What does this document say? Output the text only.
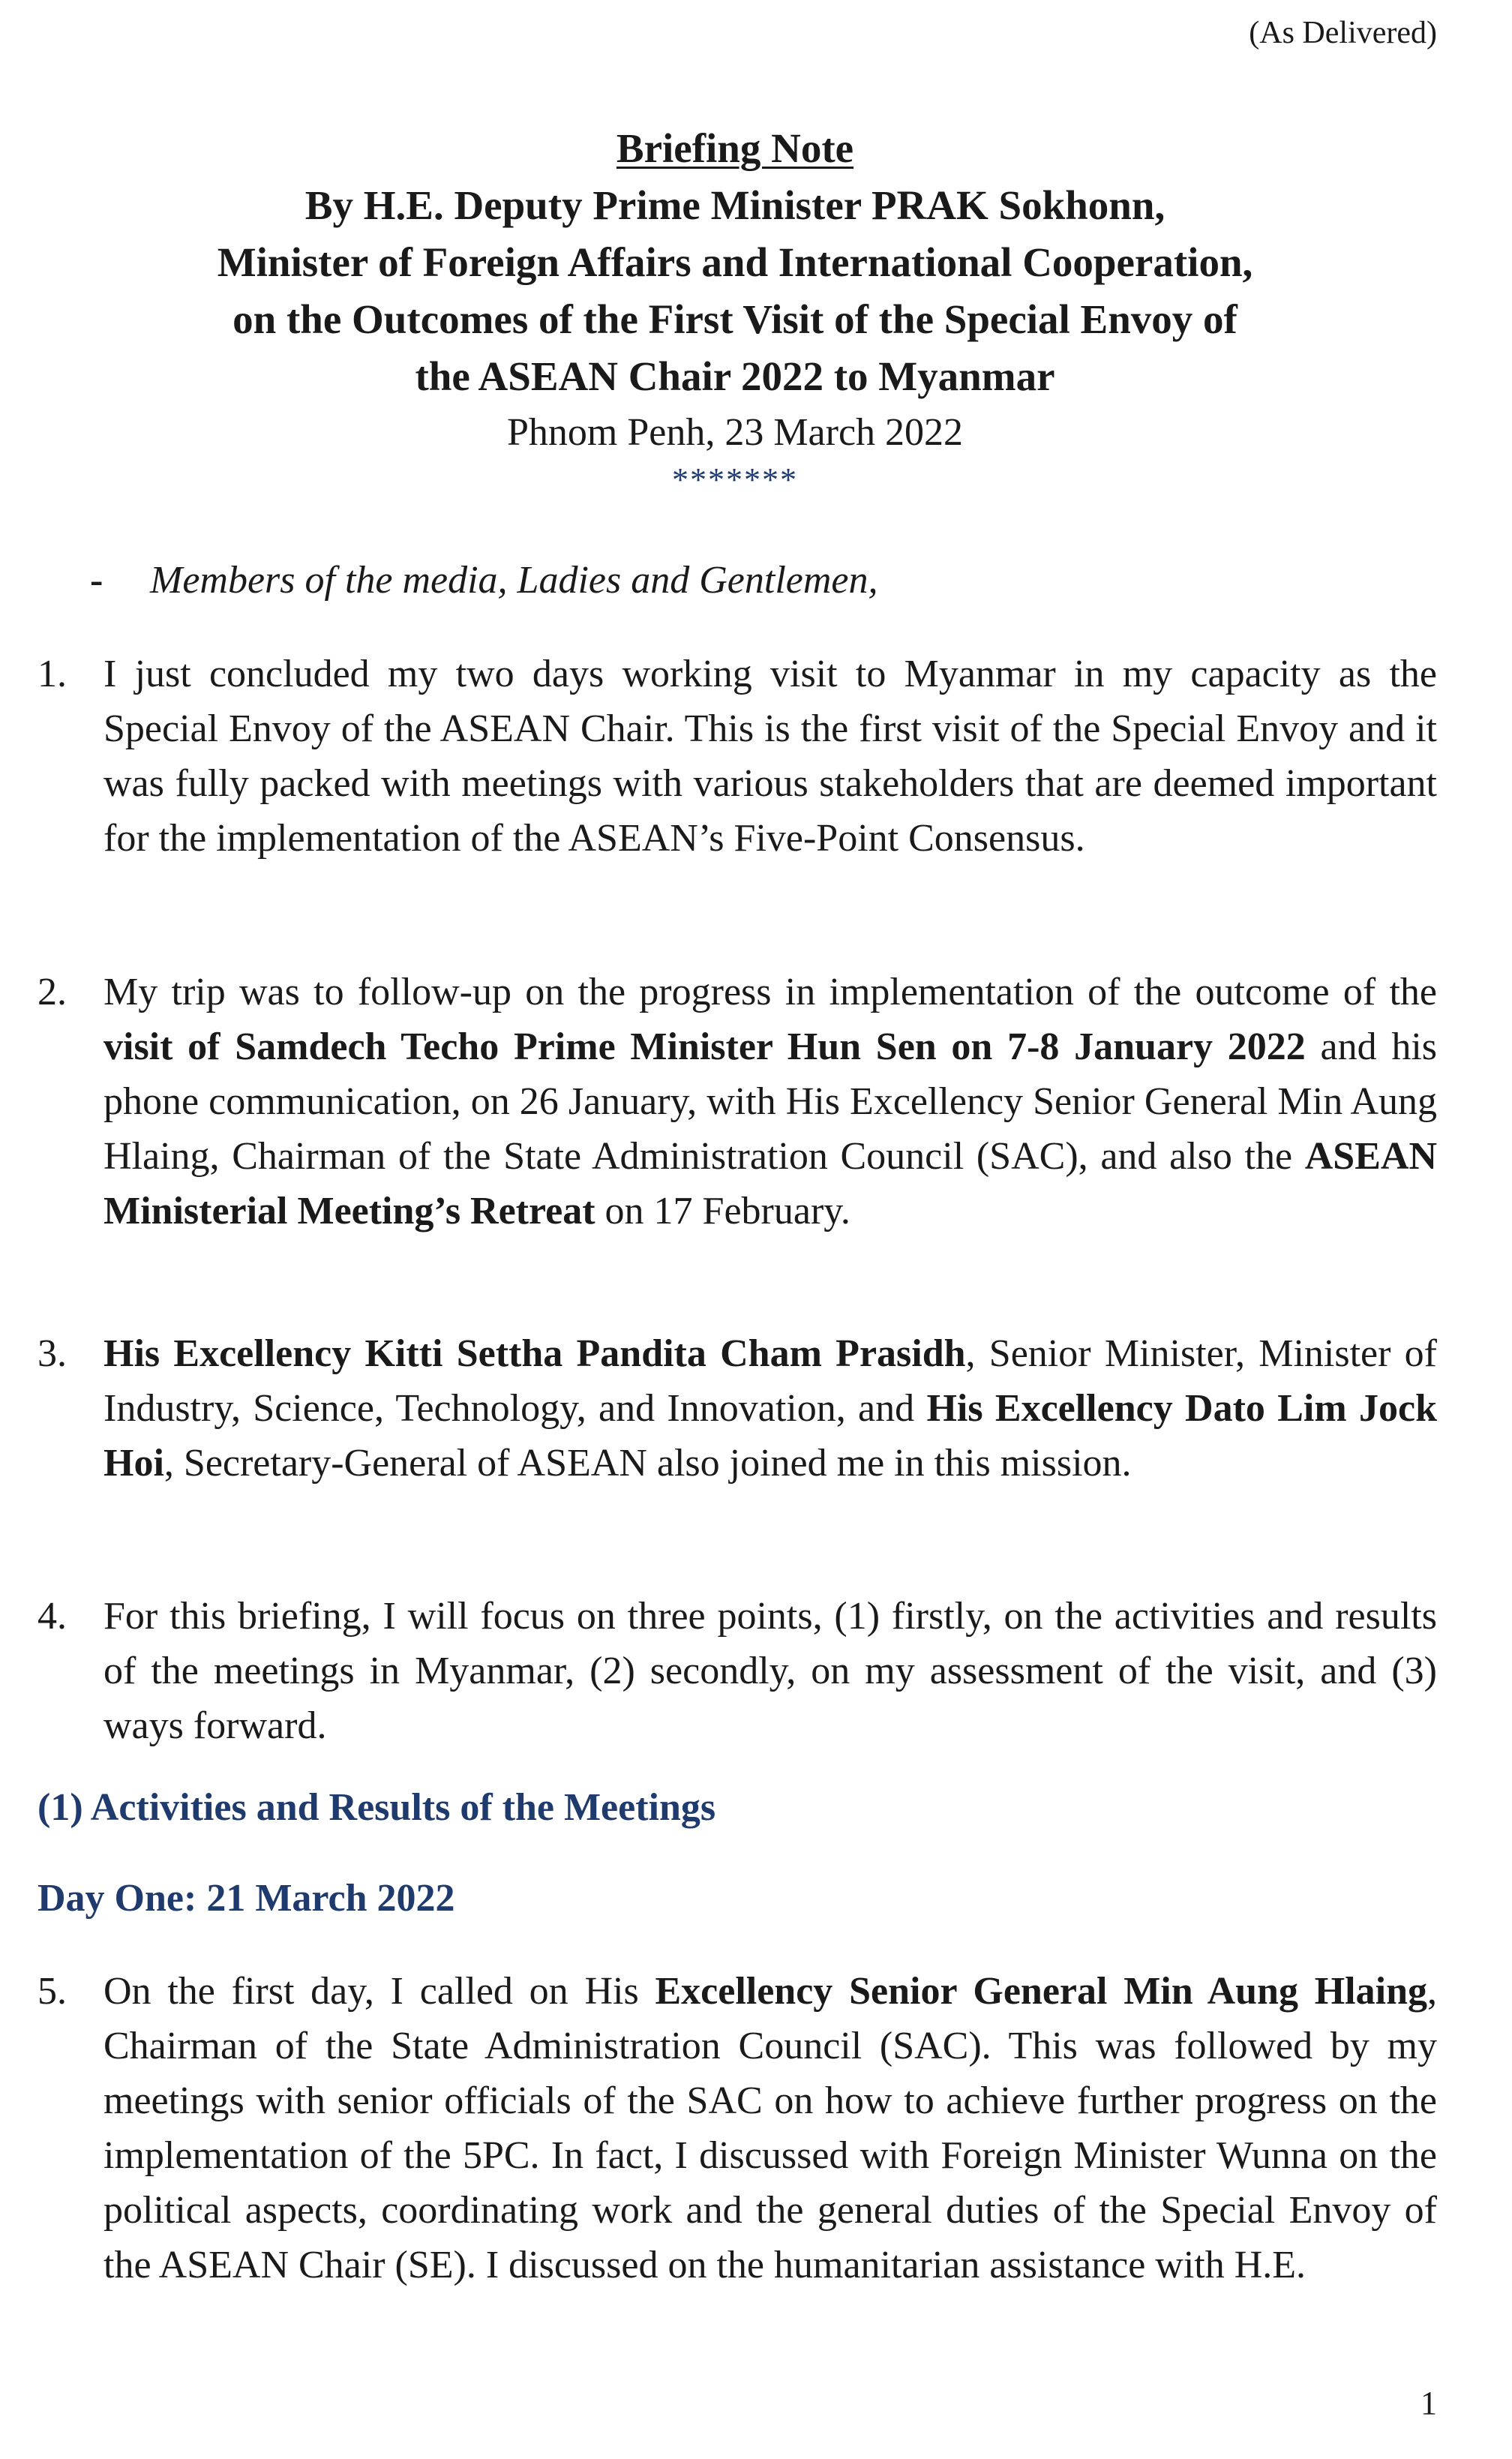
(As Delivered)
Briefing Note
By H.E. Deputy Prime Minister PRAK Sokhonn,
Minister of Foreign Affairs and International Cooperation,
on the Outcomes of the First Visit of the Special Envoy of
the ASEAN Chair 2022 to Myanmar
Phnom Penh, 23 March 2022
*******
- Members of the media, Ladies and Gentlemen,
1. I just concluded my two days working visit to Myanmar in my capacity as the Special Envoy of the ASEAN Chair. This is the first visit of the Special Envoy and it was fully packed with meetings with various stakeholders that are deemed important for the implementation of the ASEAN’s Five-Point Consensus.
2. My trip was to follow-up on the progress in implementation of the outcome of the visit of Samdech Techo Prime Minister Hun Sen on 7-8 January 2022 and his phone communication, on 26 January, with His Excellency Senior General Min Aung Hlaing, Chairman of the State Administration Council (SAC), and also the ASEAN Ministerial Meeting’s Retreat on 17 February.
3. His Excellency Kitti Settha Pandita Cham Prasidh, Senior Minister, Minister of Industry, Science, Technology, and Innovation, and His Excellency Dato Lim Jock Hoi, Secretary-General of ASEAN also joined me in this mission.
4. For this briefing, I will focus on three points, (1) firstly, on the activities and results of the meetings in Myanmar, (2) secondly, on my assessment of the visit, and (3) ways forward.
(1) Activities and Results of the Meetings
Day One: 21 March 2022
5. On the first day, I called on His Excellency Senior General Min Aung Hlaing, Chairman of the State Administration Council (SAC). This was followed by my meetings with senior officials of the SAC on how to achieve further progress on the implementation of the 5PC. In fact, I discussed with Foreign Minister Wunna on the political aspects, coordinating work and the general duties of the Special Envoy of the ASEAN Chair (SE). I discussed on the humanitarian assistance with H.E.
1
